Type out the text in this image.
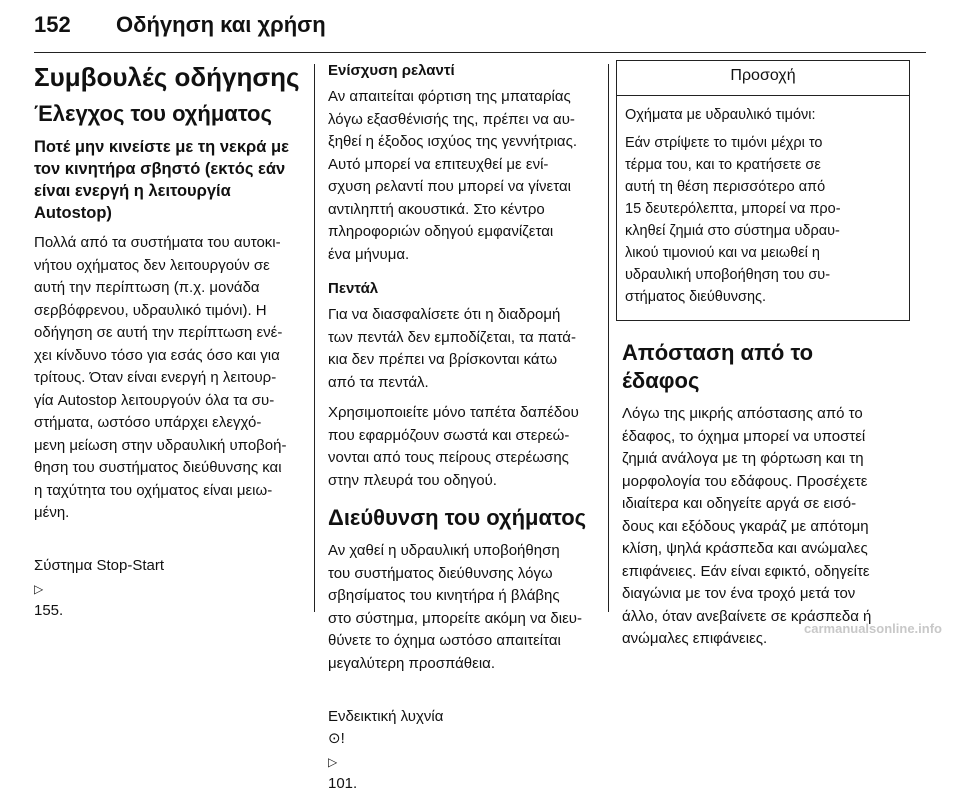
152 Οδήγηση και χρήση
Συμβουλές οδήγησης
Έλεγχος του οχήματος
Ποτέ μην κινείστε με τη νεκρά με
τον κινητήρα σβηστό (εκτός εάν
είναι ενεργή η λειτουργία
Autostop)

Πολλά από τα συστήματα του αυτοκι-
νήτου οχήματος δεν λειτουργούν σε
αυτή την περίπτωση (π.χ. μονάδα
σερβόφρενου, υδραυλικό τιμόνι). Η
οδήγηση σε αυτή την περίπτωση ενέ-
χει κίνδυνο τόσο για εσάς όσο και για
τρίτους. Όταν είναι ενεργή η λειτουρ-
γία Autostop λειτουργούν όλα τα συ-
στήματα, ωστόσο υπάρχει ελεγχό-
μενη μείωση στην υδραυλική υποβοή-
θηση του συστήματος διεύθυνσης και
η ταχύτητα του οχήματος είναι μειω-
μένη.

Σύστημα Stop-Start
▷
155.

Ενίσχυση ρελαντί

Αν απαιτείται φόρτιση της μπαταρίας
λόγω εξασθένισής της, πρέπει να αυ-
ξηθεί η έξοδος ισχύος της γεννήτριας.
Αυτό μπορεί να επιτευχθεί με ενί-
σχυση ρελαντί που μπορεί να γίνεται
αντιληπτή ακουστικά. Στο κέντρο
πληροφοριών οδηγού εμφανίζεται
ένα μήνυμα.

Πεντάλ

Για να διασφαλίσετε ότι η διαδρομή
των πεντάλ δεν εμποδίζεται, τα πατά-
κια δεν πρέπει να βρίσκονται κάτω
από τα πεντάλ.

Χρησιμοποιείτε μόνο ταπέτα δαπέδου
που εφαρμόζουν σωστά και στερεώ-
νονται από τους πείρους στερέωσης
στην πλευρά του οδηγού.

Διεύθυνση του οχήματος

Αν χαθεί η υδραυλική υποβοήθηση
του συστήματος διεύθυνσης λόγω
σβησίματος του κινητήρα ή βλάβης
στο σύστημα, μπορείτε ακόμη να διευ-
θύνετε το όχημα ωστόσο απαιτείται
μεγαλύτερη προσπάθεια.

Ενδεικτική λυχνία
⊙!
▷
101.

Προσοχή

Οχήματα με υδραυλικό τιμόνι:

Εάν στρίψετε το τιμόνι μέχρι το
τέρμα του, και το κρατήσετε σε
αυτή τη θέση περισσότερο από
15 δευτερόλεπτα, μπορεί να προ-
κληθεί ζημιά στο σύστημα υδραυ-
λικού τιμονιού και να μειωθεί η
υδραυλική υποβοήθηση του συ-
στήματος διεύθυνσης.

Απόσταση από το έδαφος

Λόγω της μικρής απόστασης από το
έδαφος, το όχημα μπορεί να υποστεί
ζημιά ανάλογα με τη φόρτωση και τη
μορφολογία του εδάφους. Προσέχετε
ιδιαίτερα και οδηγείτε αργά σε εισό-
δους και εξόδους γκαράζ με απότομη
κλίση, ψηλά κράσπεδα και ανώμαλες
επιφάνειες. Εάν είναι εφικτό, οδηγείτε
διαγώνια με τον ένα τροχό μετά τον
άλλο, όταν ανεβαίνετε σε κράσπεδα ή
ανώμαλες επιφάνειες.

carmanualsonline.info
